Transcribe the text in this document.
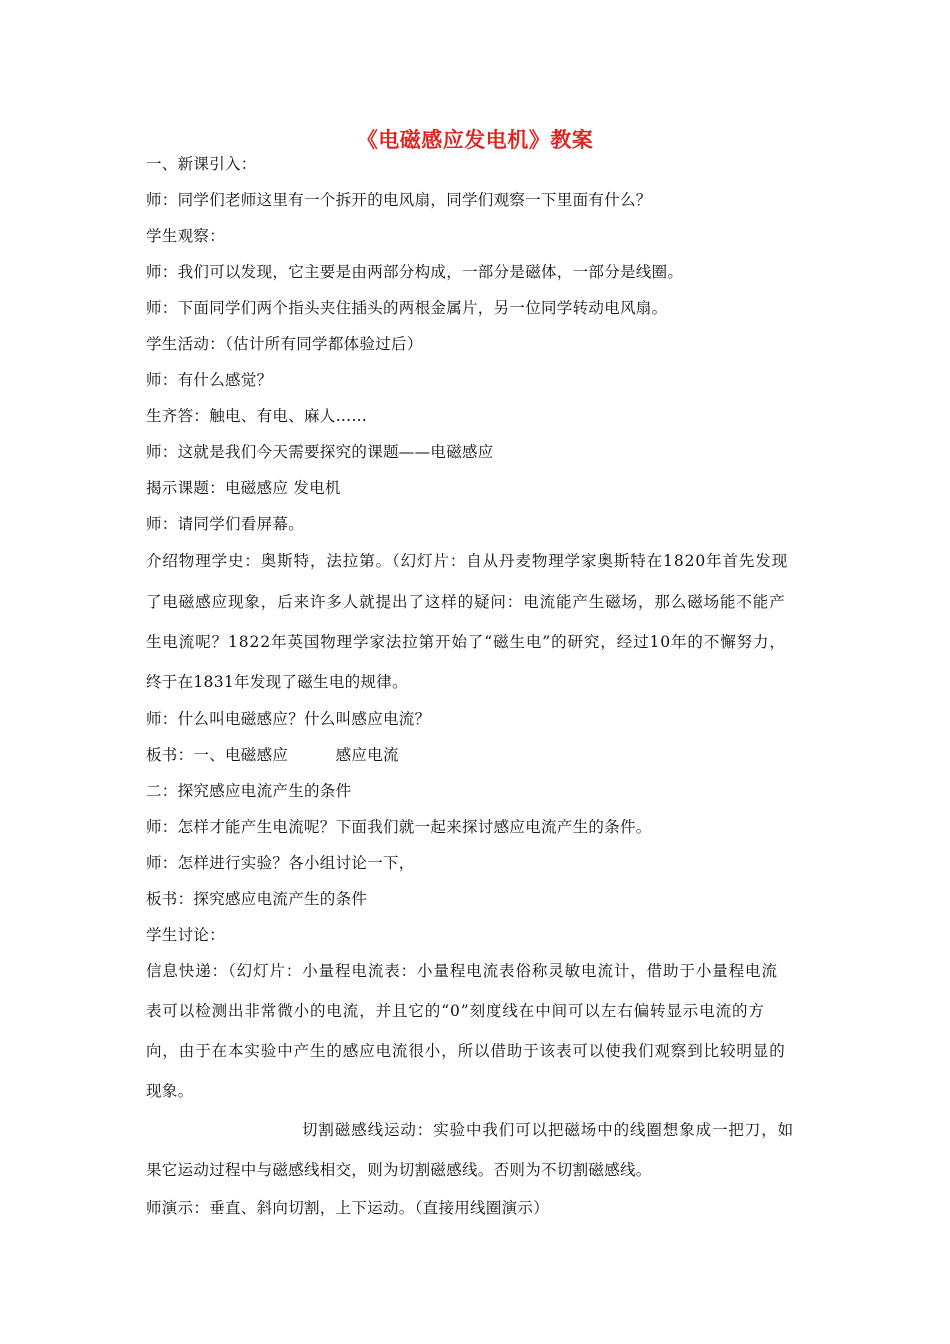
《电磁感应发电机》教案
一、新课引入：
师：同学们老师这里有一个拆开的电风扇，同学们观察一下里面有什么？
学生观察：
师：我们可以发现，它主要是由两部分构成，一部分是磁体，一部分是线圈。
师：下面同学们两个指头夹住插头的两根金属片，另一位同学转动电风扇。
学生活动：（估计所有同学都体验过后）
师：有什么感觉？
生齐答：触电、有电、麻人……
师：这就是我们今天需要探究的课题——电磁感应
揭示课题：电磁感应 发电机
师：请同学们看屏幕。
介绍物理学史：奥斯特，法拉第。（幻灯片：自从丹麦物理学家奥斯特在1820年首先发现
了电磁感应现象，后来许多人就提出了这样的疑问：电流能产生磁场，那么磁场能不能产
生电流呢？1822年英国物理学家法拉第开始了“磁生电”的研究，经过10年的不懈努力，
终于在1831年发现了磁生电的规律。
师：什么叫电磁感应？什么叫感应电流？
板书：一、电磁感应　　　感应电流
二：探究感应电流产生的条件
师：怎样才能产生电流呢？下面我们就一起来探讨感应电流产生的条件。
师：怎样进行实验？各小组讨论一下，
板书：探究感应电流产生的条件
学生讨论：
信息快递：（幻灯片：小量程电流表：小量程电流表俗称灵敏电流计，借助于小量程电流
表可以检测出非常微小的电流，并且它的“0”刻度线在中间可以左右偏转显示电流的方
向，由于在本实验中产生的感应电流很小，所以借助于该表可以使我们观察到比较明显的
现象。
切割磁感线运动：实验中我们可以把磁场中的线圈想象成一把刀，如
果它运动过程中与磁感线相交，则为切割磁感线。否则为不切割磁感线。
师演示：垂直、斜向切割，上下运动。（直接用线圈演示）
